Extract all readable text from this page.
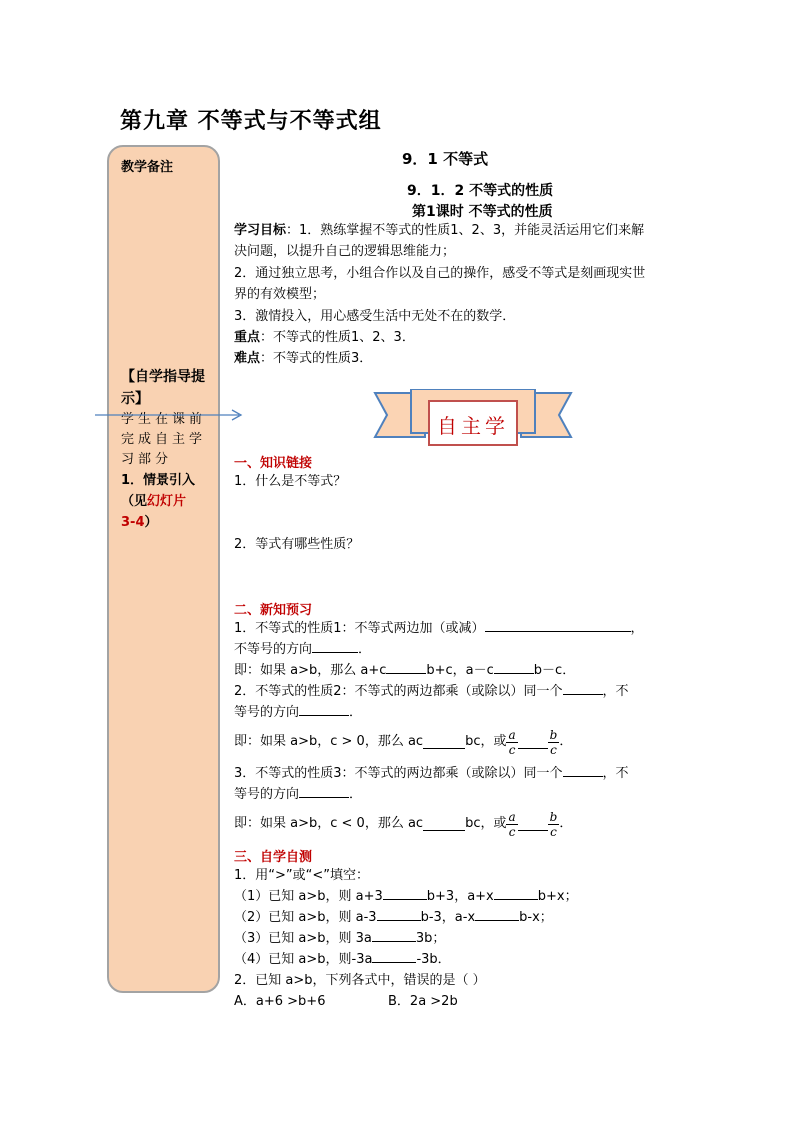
第九章 不等式与不等式组
教学备注
【自学指导提示】
学生在课前
完成自主学
习部分
1．情景引入
（见幻灯片
3-4）
9．1 不等式
9．1．2 不等式的性质
第1课时 不等式的性质
学习目标：1．熟练掌握不等式的性质1、2、3，并能灵活运用它们来解
决问题，以提升自己的逻辑思维能力；
2．通过独立思考，小组合作以及自己的操作，感受不等式是刻画现实世
界的有效模型；
3．激情投入，用心感受生活中无处不在的数学．
重点：不等式的性质1、2、3．
难点：不等式的性质3．
自主学
一、知识链接
1．什么是不等式？
2．等式有哪些性质？
二、新知预习
1．不等式的性质1：不等式两边加（或减）	，
不等号的方向	．
即：如果 a>b，那么 a+c	b+c，a－c	b－c．
2．不等式的性质2：不等式的两边都乘（或除以）同一个	，不
等号的方向	．
即：如果 a>b，c > 0，那么 ac	bc，或 $\frac{a}{c}$	$\frac{b}{c}$ ．
3．不等式的性质3：不等式的两边都乘（或除以）同一个	，不
等号的方向	．
即：如果 a>b，c < 0，那么 ac	bc，或 $\frac{a}{c}$	$\frac{b}{c}$ ．
三、自学自测
1．用“>”或“<”填空：
（1）已知 a>b，则 a+3	b+3，a+x	b+x；
（2）已知 a>b，则 a-3	b-3，a-x	b-x；
（3）已知 a>b，则 3a	3b；
（4）已知 a>b，则-3a	-3b．
2．已知 a>b，下列各式中，错误的是（ ）
A．a+6 >b+6	B．2a >2b
